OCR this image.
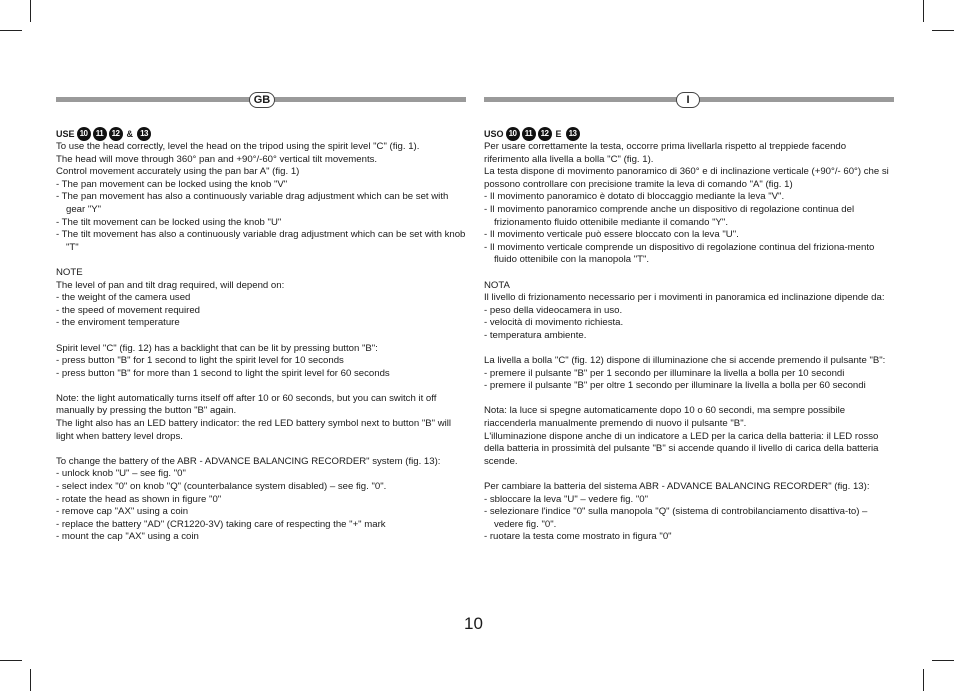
GB
USE 10	11	12 & 13
To use the head correctly, level the head on the tripod using the spirit level "C" (fig. 1).
The head will move through 360° pan and +90°/-60° vertical tilt movements.
Control movement accurately using the pan bar A" (fig. 1)
- The pan movement can be locked using the knob "V"
- The pan movement has also a continuously variable drag adjustment which can be set with gear "Y"
- The tilt movement can be locked using the knob "U"
- The tilt movement has also a continuously variable drag adjustment which can be set with knob "T"
NOTE
The level of pan and tilt drag required, will depend on:
- the weight of the camera used
- the speed of movement required
- the enviroment temperature
Spirit level "C" (fig. 12) has a backlight that can be lit by pressing button "B":
- press button "B" for 1 second to light the spirit level for 10 seconds
- press button "B" for more than 1 second to light the spirit level for 60 seconds
Note: the light automatically turns itself off after 10 or 60 seconds, but you can switch it off manually by pressing the button "B" again.
The light also has an LED battery indicator: the red LED battery symbol next to button "B" will light when battery level drops.
To change the battery of the ABR - ADVANCE BALANCING RECORDER" system (fig. 13):
- unlock knob "U" – see fig. "0"
- select index "0" on knob "Q" (counterbalance system disabled) – see fig. "0".
- rotate the head as shown in figure "0"
- remove cap "AX" using a coin
- replace the battery "AD" (CR1220-3V) taking care of respecting the "+" mark
- mount the cap "AX" using a coin
I
USO 10	11	12 E 13
Per usare correttamente la testa, occorre prima livellarla rispetto al treppiede facendo riferimento alla livella a bolla "C" (fig. 1).
La testa dispone di movimento panoramico di 360° e di inclinazione verticale (+90°/- 60°) che si possono controllare con precisione tramite la leva di comando "A" (fig. 1)
- Il movimento panoramico è dotato di bloccaggio mediante la leva "V".
- Il movimento panoramico comprende anche un dispositivo di regolazione continua del frizionamento fluido ottenibile mediante il comando "Y".
- Il movimento verticale può essere bloccato con la leva "U".
- Il movimento verticale comprende un dispositivo di regolazione continua del friziona-mento fluido ottenibile con la manopola "T".
NOTA
Il livello di frizionamento necessario per i movimenti in panoramica ed inclinazione dipende da:
- peso della videocamera in uso.
- velocità di movimento richiesta.
- temperatura ambiente.
La livella a bolla "C" (fig. 12) dispone di illuminazione che si accende premendo il pulsante "B":
- premere il pulsante "B" per 1 secondo per illuminare la livella a bolla per 10 secondi
- premere il pulsante "B" per oltre 1 secondo per illuminare la livella a bolla per 60 secondi
Nota: la luce si spegne automaticamente dopo 10 o 60 secondi, ma sempre possibile riaccenderla manualmente premendo di nuovo il pulsante "B".
L'illuminazione dispone anche di un indicatore a LED per la carica della batteria: il LED rosso della batteria in prossimità del pulsante "B" si accende quando il livello di carica della batteria scende.
Per cambiare la batteria del sistema ABR - ADVANCE BALANCING RECORDER" (fig. 13):
- sbloccare la leva "U" – vedere fig. "0"
- selezionare l'indice "0" sulla manopola "Q" (sistema di controbilanciamento disattiva-to) – vedere fig. "0".
- ruotare la testa come mostrato in figura "0"
10
